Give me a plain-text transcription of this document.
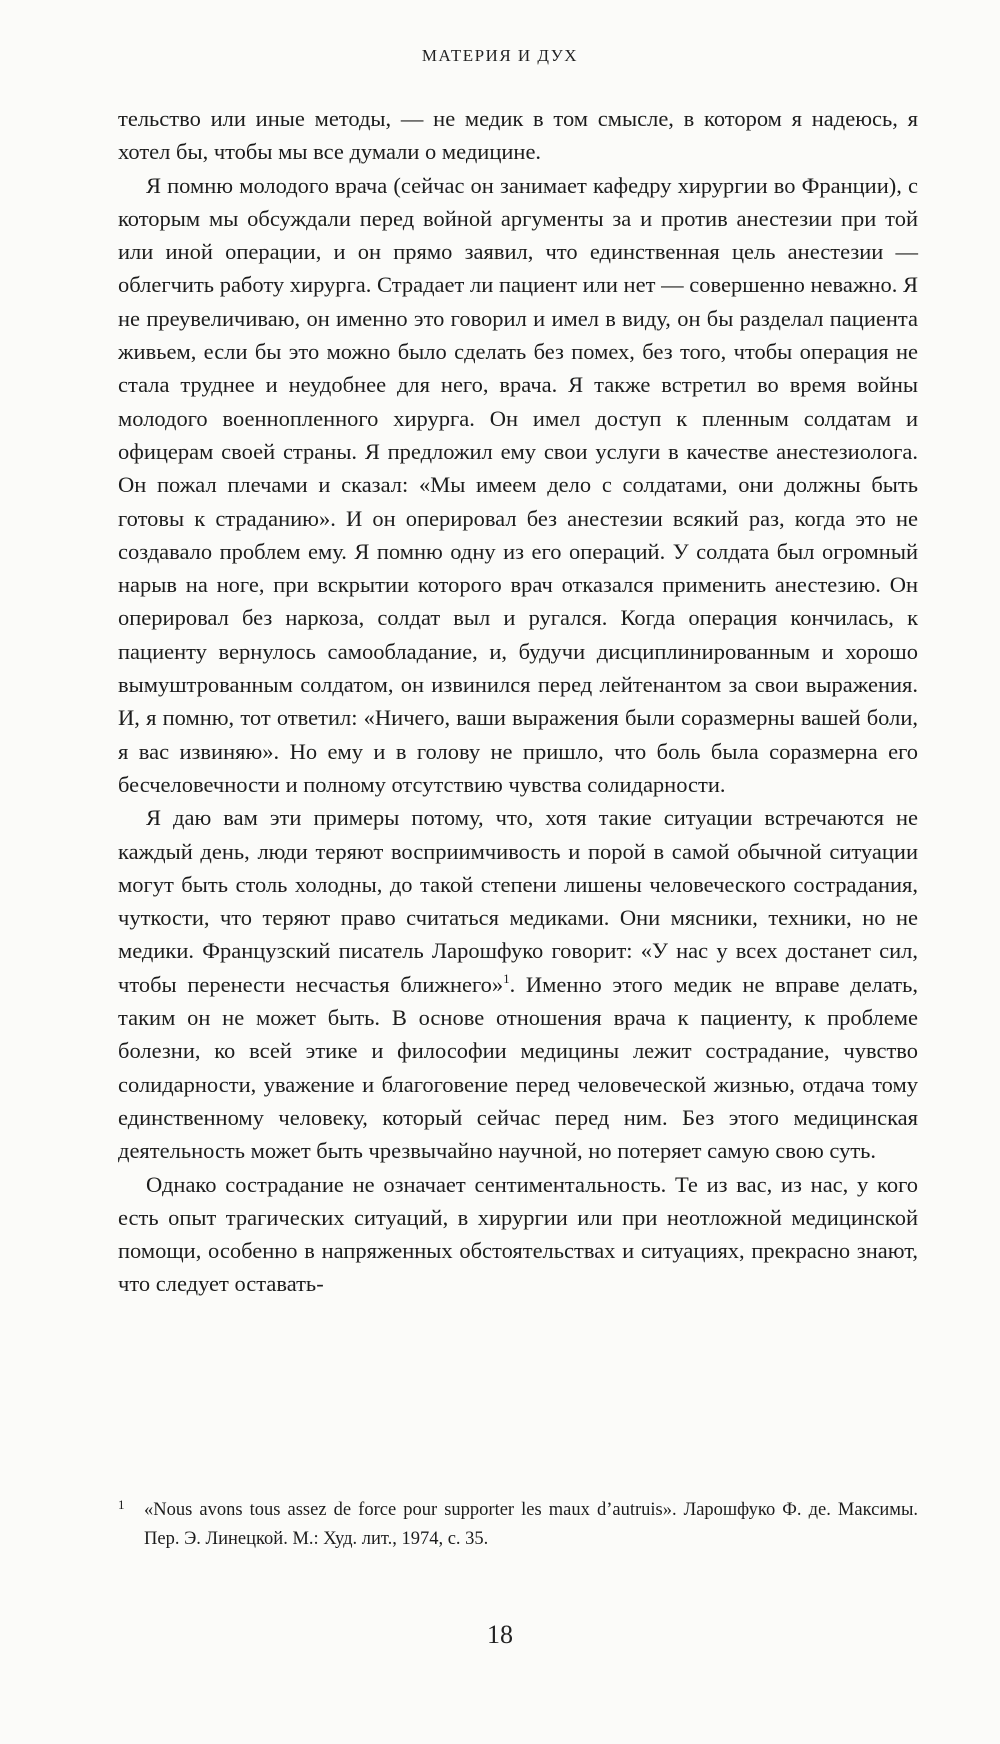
МАТЕРИЯ И ДУХ

тельство или иные методы, — не медик в том смысле, в котором я надеюсь, я хотел бы, чтобы мы все думали о медицине.

Я помню молодого врача (сейчас он занимает кафедру хирургии во Франции), с которым мы обсуждали перед войной аргументы за и против анестезии при той или иной операции, и он прямо заявил, что единственная цель анестезии — облегчить работу хирурга. Страдает ли пациент или нет — совершенно неважно. Я не преувеличиваю, он именно это говорил и имел в виду, он бы разделал пациента живьем, если бы это можно было сделать без помех, без того, чтобы операция не стала труднее и неудобнее для него, врача. Я также встретил во время войны молодого военнопленного хирурга. Он имел доступ к пленным солдатам и офицерам своей страны. Я предложил ему свои услуги в качестве анестезиолога. Он пожал плечами и сказал: «Мы имеем дело с солдатами, они должны быть готовы к страданию». И он оперировал без анестезии всякий раз, когда это не создавало проблем ему. Я помню одну из его операций. У солдата был огромный нарыв на ноге, при вскрытии которого врач отказался применить анестезию. Он оперировал без наркоза, солдат выл и ругался. Когда операция кончилась, к пациенту вернулось самообладание, и, будучи дисциплинированным и хорошо вымуштрованным солдатом, он извинился перед лейтенантом за свои выражения. И, я помню, тот ответил: «Ничего, ваши выражения были соразмерны вашей боли, я вас извиняю». Но ему и в голову не пришло, что боль была соразмерна его бесчеловечности и полному отсутствию чувства солидарности.

Я даю вам эти примеры потому, что, хотя такие ситуации встречаются не каждый день, люди теряют восприимчивость и порой в самой обычной ситуации могут быть столь холодны, до такой степени лишены человеческого сострадания, чуткости, что теряют право считаться медиками. Они мясники, техники, но не медики. Французский писатель Ларошфуко говорит: «У нас у всех достанет сил, чтобы перенести несчастья ближнего»$^1$. Именно этого медик не вправе делать, таким он не может быть. В основе отношения врача к пациенту, к проблеме болезни, ко всей этике и философии медицины лежит сострадание, чувство солидарности, уважение и благоговение перед человеческой жизнью, отдача тому единственному человеку, который сейчас перед ним. Без этого медицинская деятельность может быть чрезвычайно научной, но потеряет самую свою суть.

Однако сострадание не означает сентиментальность. Те из вас, из нас, у кого есть опыт трагических ситуаций, в хирургии или при неотложной медицинской помощи, особенно в напряженных обстоятельствах и ситуациях, прекрасно знают, что следует оставать-

1	«Nous avons tous assez de force pour supporter les maux d’autruis». Ларошфуко Ф. де. Максимы. Пер. Э. Линецкой. М.: Худ. лит., 1974, с. 35.

18
